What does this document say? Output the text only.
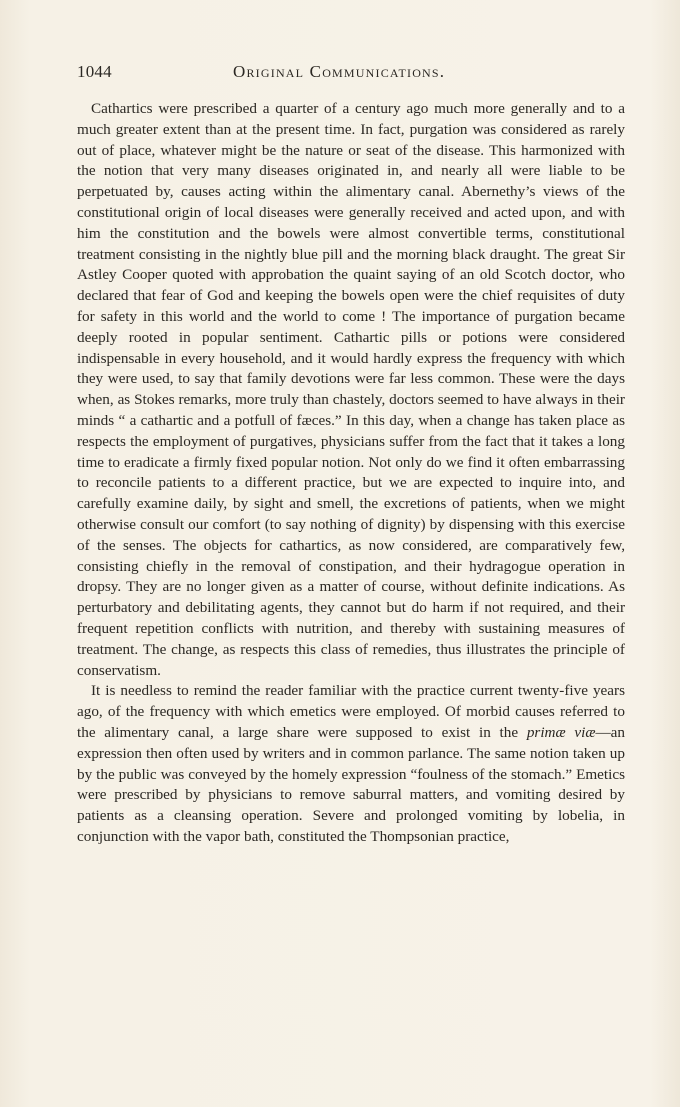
1044	Original Communications.

Cathartics were prescribed a quarter of a century ago much more generally and to a much greater extent than at the present time. In fact, purgation was considered as rarely out of place, whatever might be the nature or seat of the disease. This harmonized with the notion that very many diseases originated in, and nearly all were liable to be perpetuated by, causes acting within the alimentary canal. Abernethy’s views of the constitutional origin of local diseases were generally received and acted upon, and with him the constitution and the bowels were almost convertible terms, constitutional treatment consisting in the nightly blue pill and the morning black draught. The great Sir Astley Cooper quoted with approbation the quaint saying of an old Scotch doctor, who declared that fear of God and keeping the bowels open were the chief requisites of duty for safety in this world and the world to come ! The importance of purgation became deeply rooted in popular sentiment. Cathartic pills or potions were considered indispensable in every household, and it would hardly express the frequency with which they were used, to say that family devotions were far less common. These were the days when, as Stokes remarks, more truly than chastely, doctors seemed to have always in their minds “ a cathartic and a potfull of fæces.” In this day, when a change has taken place as respects the employment of purgatives, physicians suffer from the fact that it takes a long time to eradicate a firmly fixed popular notion. Not only do we find it often embarrassing to reconcile patients to a different practice, but we are expected to inquire into, and carefully examine daily, by sight and smell, the excretions of patients, when we might otherwise consult our comfort (to say nothing of dignity) by dispensing with this exercise of the senses. The objects for cathartics, as now considered, are comparatively few, consisting chiefly in the removal of constipation, and their hydragogue operation in dropsy. They are no longer given as a matter of course, without definite indications. As perturbatory and debilitating agents, they cannot but do harm if not required, and their frequent repetition conflicts with nutrition, and thereby with sustaining measures of treatment. The change, as respects this class of remedies, thus illustrates the principle of conservatism.

It is needless to remind the reader familiar with the practice current twenty-five years ago, of the frequency with which emetics were employed. Of morbid causes referred to the alimentary canal, a large share were supposed to exist in the primæ viæ—an expression then often used by writers and in common parlance. The same notion taken up by the public was conveyed by the homely expression “foulness of the stomach.” Emetics were prescribed by physicians to remove saburral matters, and vomiting desired by patients as a cleansing operation. Severe and prolonged vomiting by lobelia, in conjunction with the vapor bath, constituted the Thompsonian practice,
